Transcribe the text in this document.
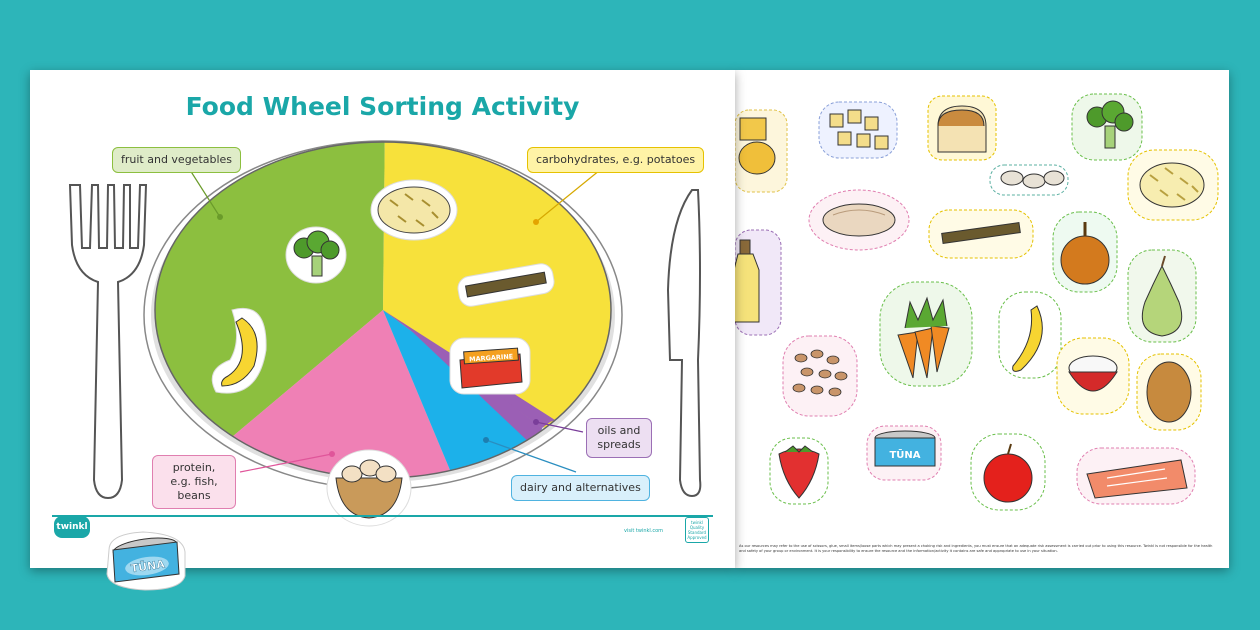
TŪNA
As our resources may refer to the use of scissors, glue, small items/loose parts which may present a choking risk and ingredients, you must ensure that an adequate risk assessment is carried out prior to using this resource. Twinkl is not responsible for the health and safety of your group or environment. It is your responsibility to ensure the resource and the information/activity it contains are safe and appropriate to use in your situation.
MARGARINE
Food Wheel Sorting Activity
fruit and vegetables	carbohydrates, e.g. potatoes
protein, e.g. fish, beans
oils and spreads
dairy and alternatives
twinkl	visit twinkl.com
twinkl Quality Standard Approved
TŪNA
